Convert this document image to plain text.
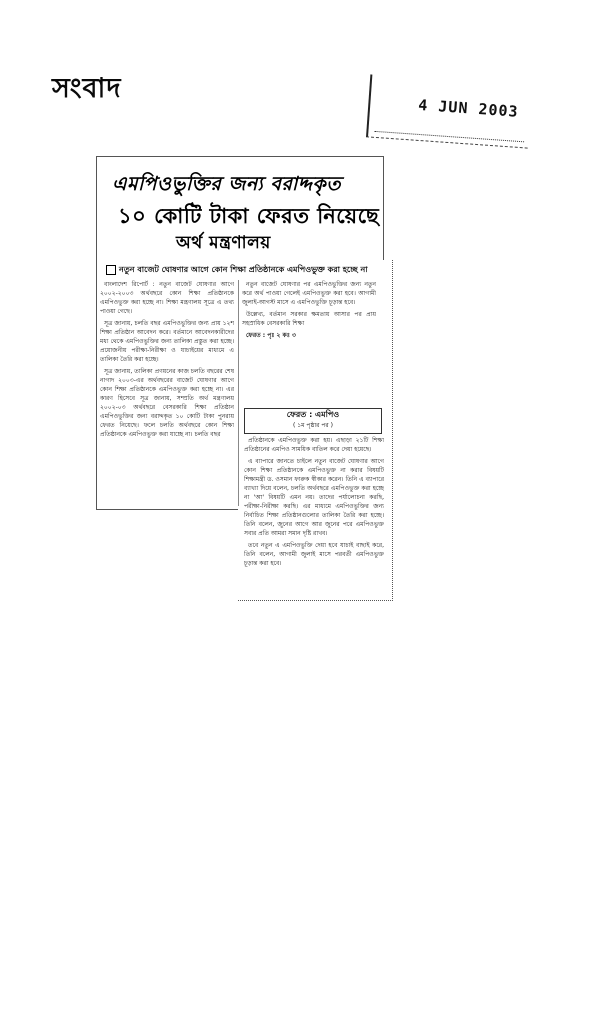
সংবাদ
4 JUN 2003
এমপিওভুক্তির জন্য বরাদ্দকৃত
১০ কোটি টাকা ফেরত নিয়েছে
অর্থ মন্ত্রণালয়
নতুন বাজেট ঘোষণার আগে কোন শিক্ষা প্রতিষ্ঠানকে এমপিওভুক্ত করা হচ্ছে না

বাংলাদেশ রিপোর্ট : নতুন বাজেট ঘোষণার আগে ২০০২-২০০৩ অর্থবছরে কোন শিক্ষা প্রতিষ্ঠানকে এমপিওভুক্ত করা হচ্ছে না। শিক্ষা মন্ত্রণালয় সূত্রে এ তথ্য পাওয়া গেছে।

সূত্র জানায়, চলতি বছর এমপিওভুক্তির জন্য প্রায় ১২শ শিক্ষা প্রতিষ্ঠান আবেদন করে। বর্তমানে আবেদনকারীদের মধ্য থেকে এমপিওভুক্তির জন্য তালিকা প্রস্তুত করা হচ্ছে। প্রয়োজনীয় পরীক্ষা-নিরীক্ষা ও যাচাইয়ের মাধ্যমে এ তালিকা তৈরি করা হচ্ছে।

সূত্র জানায়, তালিকা প্রণয়নের কাজ চলতি বছরের শেষ নাগাদ ২০০৩-এর অর্থবছরের বাজেট ঘোষণার আগে কোন শিক্ষা প্রতিষ্ঠানকে এমপিওভুক্ত করা হচ্ছে না। এর কারণ হিসেবে সূত্র জানায়, সম্প্রতি অর্থ মন্ত্রণালয় ২০০২-০৩ অর্থবছরে বেসরকারি শিক্ষা প্রতিষ্ঠান এমপিওভুক্তির জন্য বরাদ্দকৃত ১০ কোটি টাকা পুনরায় ফেরত নিয়েছে। ফলে চলতি অর্থবছরে কোন শিক্ষা প্রতিষ্ঠানকে এমপিওভুক্ত করা যাচ্ছে না। চলতি বছর

নতুন বাজেট ঘোষণার পর এমপিওভুক্তির জন্য নতুন করে অর্থ পাওয়া গেলেই এমপিওভুক্ত করা হবে। আগামী জুলাই-আগস্ট মাসে এ এমপিওভুক্তি চূড়ান্ত হবে।

উল্লেখ্য, বর্তমান সরকার ক্ষমতায় আসার পর প্রায় সহস্রাধিক বেসরকারি শিক্ষা

ফেরত : পৃঃ ২ কঃ ৩

ফেরত : এমপিও
( ১ম পৃষ্ঠার পর )

প্রতিষ্ঠানকে এমপিওভুক্ত করা হয়। এছাড়া ২১টি শিক্ষা প্রতিষ্ঠানের এমপিও সাময়িক বাতিল করে দেয়া হয়েছে।

এ ব্যাপারে জানতে চাইলে নতুন বাজেট ঘোষণার আগে কোন শিক্ষা প্রতিষ্ঠানকে এমপিওভুক্ত না করার বিষয়টি শিক্ষামন্ত্রী ড. ওসমান ফারুক স্বীকার করেন। তিনি এ ব্যাপারে ব্যাখ্যা দিয়ে বলেন, চলতি অর্থবছরে এমপিওভুক্ত করা হচ্ছে না 'আ' বিষয়টি এমন নয়। তাদের পর্যালোচনা করছি, পরীক্ষা-নিরীক্ষা করছি। এর মাধ্যমে এমপিওভুক্তির জন্য নির্বাচিত শিক্ষা প্রতিষ্ঠানগুলোর তালিকা তৈরি করা হচ্ছে। তিনি বলেন, জুনের আগে আর জুনের পরে এমপিওভুক্ত সবার প্রতি আমরা সমান দৃষ্টি রাখব।

তবে নতুন এ এমপিওভুক্তি দেয়া হবে যাচাই বাছাই করে, তিনি বলেন, আগামী জুলাই মাসে পরবর্তী এমপিওভুক্ত চূড়ান্ত করা হবে।
